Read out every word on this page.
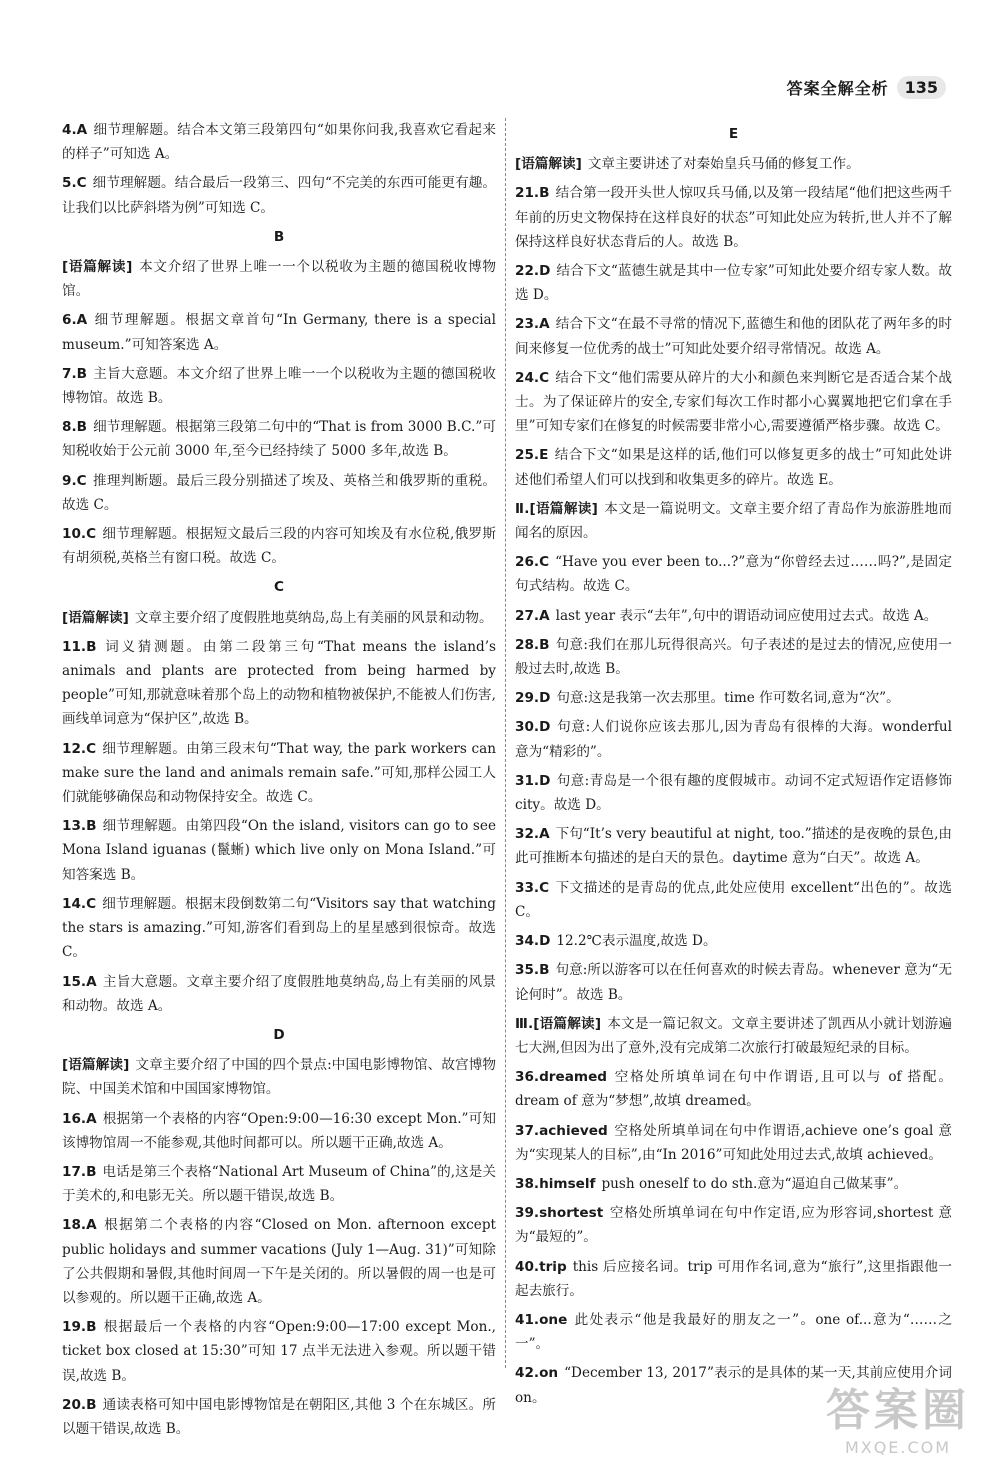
答案全解全析	135
4.A 细节理解题。结合本文第三段第四句“如果你问我,我喜欢它看起来的样子”可知选 A。
5.C 细节理解题。结合最后一段第三、四句“不完美的东西可能更有趣。让我们以比萨斜塔为例”可知选 C。
B
[语篇解读] 本文介绍了世界上唯一一个以税收为主题的德国税收博物馆。
6.A 细节理解题。根据文章首句“In Germany, there is a special museum.”可知答案选 A。
7.B 主旨大意题。本文介绍了世界上唯一一个以税收为主题的德国税收博物馆。故选 B。
8.B 细节理解题。根据第三段第二句中的“That is from 3000 B.C.”可知税收始于公元前 3000 年,至今已经持续了 5000 多年,故选 B。
9.C 推理判断题。最后三段分别描述了埃及、英格兰和俄罗斯的重税。故选 C。
10.C 细节理解题。根据短文最后三段的内容可知埃及有水位税,俄罗斯有胡须税,英格兰有窗口税。故选 C。
C
[语篇解读] 文章主要介绍了度假胜地莫纳岛,岛上有美丽的风景和动物。
11.B 词义猜测题。由第二段第三句“That means the island’s animals and plants are protected from being harmed by people”可知,那就意味着那个岛上的动物和植物被保护,不能被人们伤害,画线单词意为“保护区”,故选 B。
12.C 细节理解题。由第三段末句“That way, the park workers can make sure the land and animals remain safe.”可知,那样公园工人们就能够确保岛和动物保持安全。故选 C。
13.B 细节理解题。由第四段“On the island, visitors can go to see Mona Island iguanas (鬣蜥) which live only on Mona Island.”可知答案选 B。
14.C 细节理解题。根据末段倒数第二句“Visitors say that watching the stars is amazing.”可知,游客们看到岛上的星星感到很惊奇。故选 C。
15.A 主旨大意题。文章主要介绍了度假胜地莫纳岛,岛上有美丽的风景和动物。故选 A。
D
[语篇解读] 文章主要介绍了中国的四个景点:中国电影博物馆、故宫博物院、中国美术馆和中国国家博物馆。
16.A 根据第一个表格的内容“Open:9:00—16:30 except Mon.”可知该博物馆周一不能参观,其他时间都可以。所以题干正确,故选 A。
17.B 电话是第三个表格“National Art Museum of China”的,这是关于美术的,和电影无关。所以题干错误,故选 B。
18.A 根据第二个表格的内容“Closed on Mon. afternoon except public holidays and summer vacations (July 1—Aug. 31)”可知除了公共假期和暑假,其他时间周一下午是关闭的。所以暑假的周一也是可以参观的。所以题干正确,故选 A。
19.B 根据最后一个表格的内容“Open:9:00—17:00 except Mon., ticket box closed at 15:30”可知 17 点半无法进入参观。所以题干错误,故选 B。
20.B 通读表格可知中国电影博物馆是在朝阳区,其他 3 个在东城区。所以题干错误,故选 B。
E
[语篇解读] 文章主要讲述了对秦始皇兵马俑的修复工作。
21.B 结合第一段开头世人惊叹兵马俑,以及第一段结尾“他们把这些两千年前的历史文物保持在这样良好的状态”可知此处应为转折,世人并不了解保持这样良好状态背后的人。故选 B。
22.D 结合下文“蓝德生就是其中一位专家”可知此处要介绍专家人数。故选 D。
23.A 结合下文“在最不寻常的情况下,蓝德生和他的团队花了两年多的时间来修复一位优秀的战士”可知此处要介绍寻常情况。故选 A。
24.C 结合下文“他们需要从碎片的大小和颜色来判断它是否适合某个战士。为了保证碎片的安全,专家们每次工作时都小心翼翼地把它们拿在手里”可知专家们在修复的时候需要非常小心,需要遵循严格步骤。故选 C。
25.E 结合下文“如果是这样的话,他们可以修复更多的战士”可知此处讲述他们希望人们可以找到和收集更多的碎片。故选 E。
Ⅱ.[语篇解读] 本文是一篇说明文。文章主要介绍了青岛作为旅游胜地而闻名的原因。
26.C “Have you ever been to...?”意为“你曾经去过……吗?”,是固定句式结构。故选 C。
27.A last year 表示“去年”,句中的谓语动词应使用过去式。故选 A。
28.B 句意:我们在那儿玩得很高兴。句子表述的是过去的情况,应使用一般过去时,故选 B。
29.D 句意:这是我第一次去那里。time 作可数名词,意为“次”。
30.D 句意:人们说你应该去那儿,因为青岛有很棒的大海。wonderful 意为“精彩的”。
31.D 句意:青岛是一个很有趣的度假城市。动词不定式短语作定语修饰 city。故选 D。
32.A 下句“It’s very beautiful at night, too.”描述的是夜晚的景色,由此可推断本句描述的是白天的景色。daytime 意为“白天”。故选 A。
33.C 下文描述的是青岛的优点,此处应使用 excellent“出色的”。故选 C。
34.D 12.2℃表示温度,故选 D。
35.B 句意:所以游客可以在任何喜欢的时候去青岛。whenever 意为“无论何时”。故选 B。
Ⅲ.[语篇解读] 本文是一篇记叙文。文章主要讲述了凯西从小就计划游遍七大洲,但因为出了意外,没有完成第二次旅行打破最短纪录的目标。
36.dreamed 空格处所填单词在句中作谓语,且可以与 of 搭配。dream of 意为“梦想”,故填 dreamed。
37.achieved 空格处所填单词在句中作谓语,achieve one’s goal 意为“实现某人的目标”,由“In 2016”可知此处用过去式,故填 achieved。
38.himself push oneself to do sth.意为“逼迫自己做某事”。
39.shortest 空格处所填单词在句中作定语,应为形容词,shortest 意为“最短的”。
40.trip this 后应接名词。trip 可用作名词,意为“旅行”,这里指跟他一起去旅行。
41.one 此处表示“他是我最好的朋友之一”。one of...意为“……之一”。
42.on “December 13, 2017”表示的是具体的某一天,其前应使用介词 on。	答案圈
MXQE.COM
